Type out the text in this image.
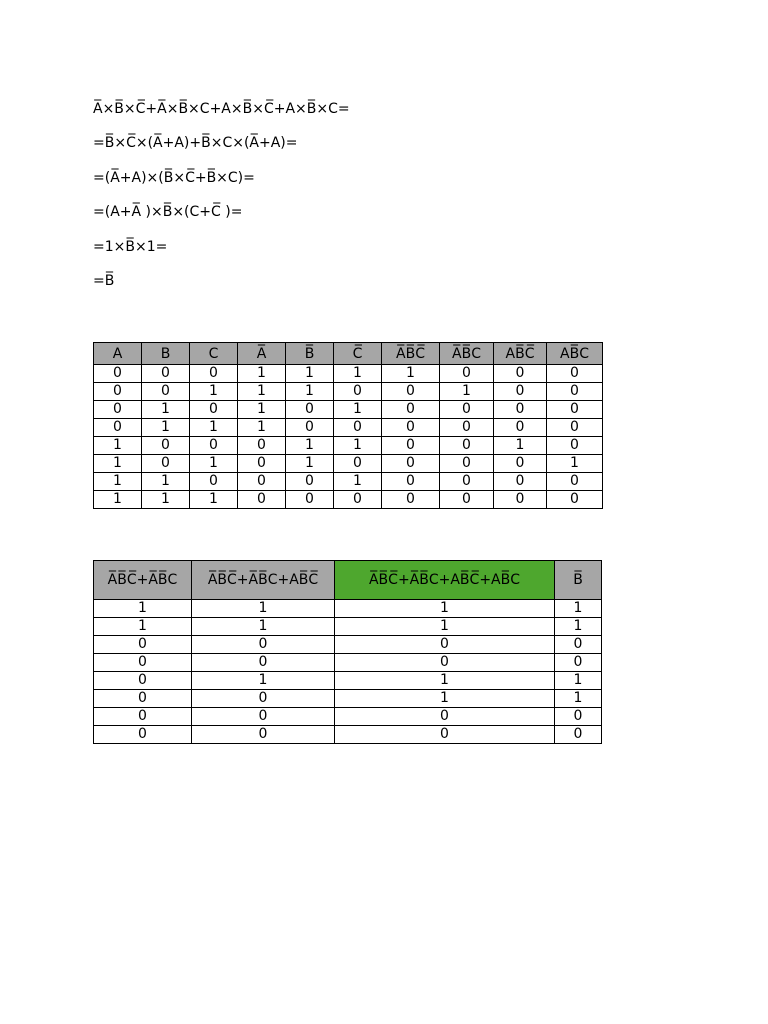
A̅×B̅×C̅+A̅×B̅×C+A×B̅×C̅+A×B̅×C=
=B̅×C̅×(A̅+A)+B̅×C×(A̅+A)=
=(A̅+A)×(B̅×C̅+B̅×C)=
=(A+A̅ )×B̅×(C+C̅ )=
=1×B̅×1=
=B̅
A	B	C	A̅	B̅	C̅	A̅B̅C̅	A̅B̅C	AB̅C̅	AB̅C
0	0	0	1	1	1	1	0	0	0
0	0	1	1	1	0	0	1	0	0
0	1	0	1	0	1	0	0	0	0
0	1	1	1	0	0	0	0	0	0
1	0	0	0	1	1	0	0	1	0
1	0	1	0	1	0	0	0	0	1
1	1	0	0	0	1	0	0	0	0
1	1	1	0	0	0	0	0	0	0
A̅B̅C̅+A̅B̅C	A̅B̅C̅+A̅B̅C+AB̅C̅	A̅B̅C̅+A̅B̅C+AB̅C̅+AB̅C	B̅
1	1	1	1
1	1	1	1
0	0	0	0
0	0	0	0
0	1	1	1
0	0	1	1
0	0	0	0
0	0	0	0
